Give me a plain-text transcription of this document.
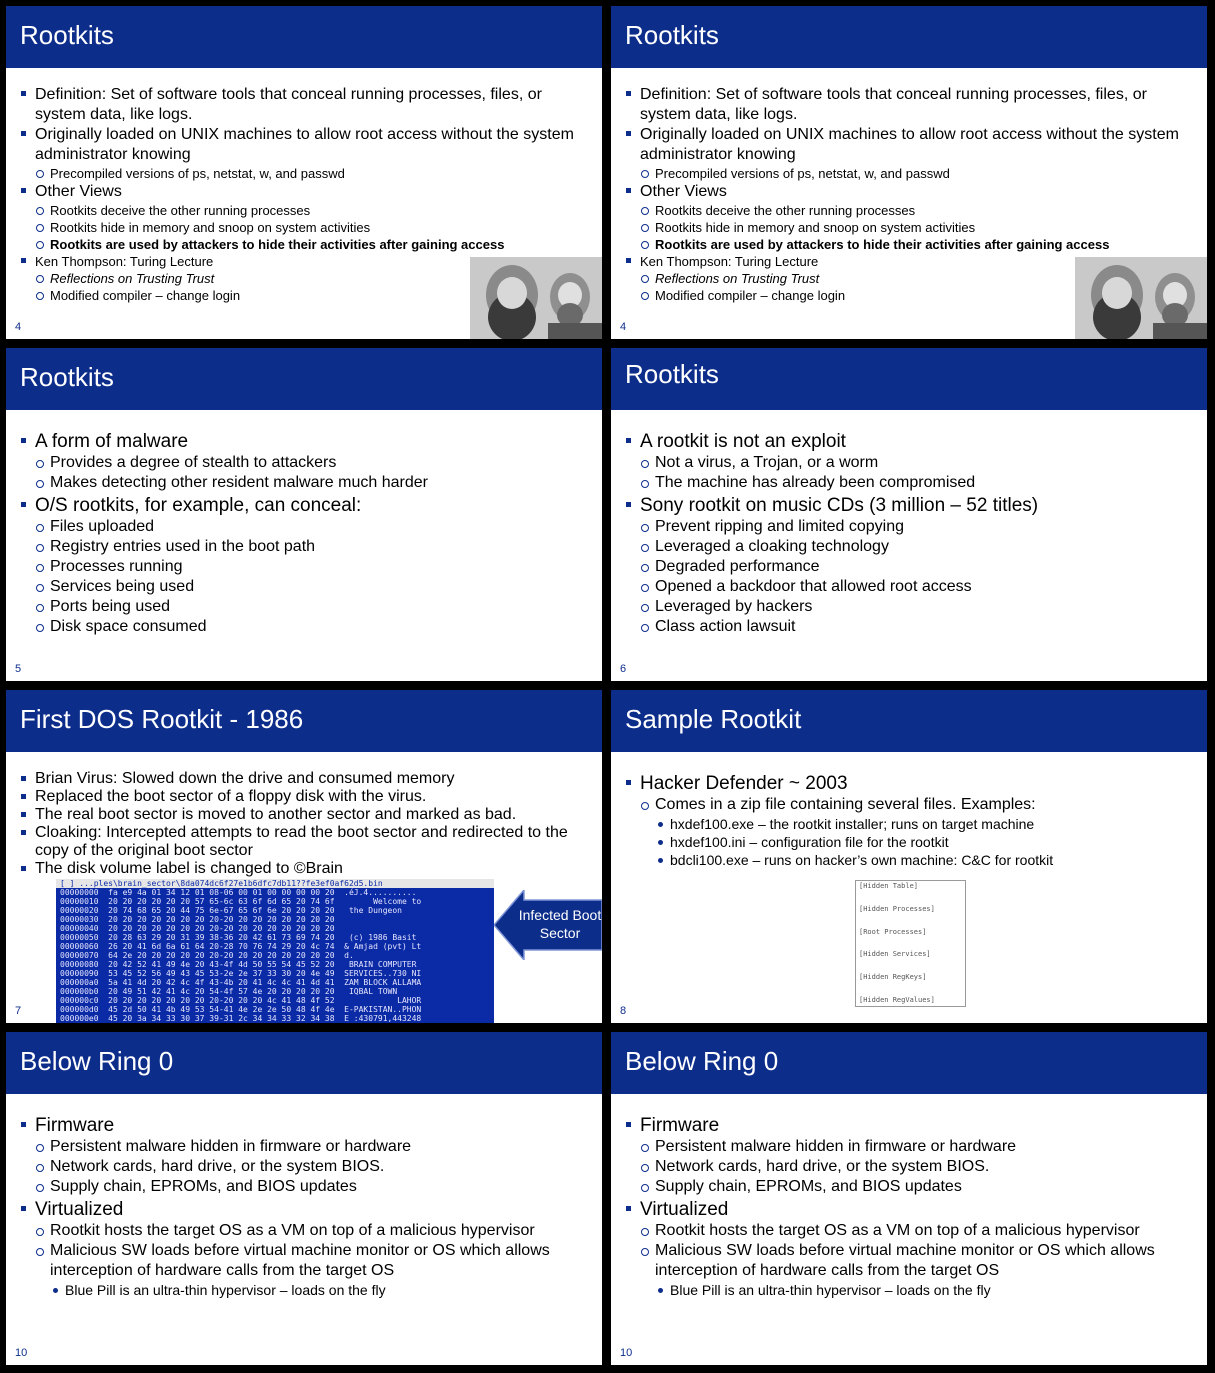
Rootkits
Definition: Set of software tools that conceal running processes, files, or system data, like logs.
Originally loaded on UNIX machines to allow root access without the system administrator knowing
Precompiled versions of ps, netstat, w, and passwd
Other Views
Rootkits deceive the other running processes
Rootkits hide in memory and snoop on system activities
Rootkits are used by attackers to hide their activities after gaining access
Ken Thompson: Turing Lecture
Reflections on Trusting Trust
Modified compiler – change login
4
Rootkits
Definition: Set of software tools that conceal running processes, files, or system data, like logs.
Originally loaded on UNIX machines to allow root access without the system administrator knowing
Precompiled versions of ps, netstat, w, and passwd
Other Views
Rootkits deceive the other running processes
Rootkits hide in memory and snoop on system activities
Rootkits are used by attackers to hide their activities after gaining access
Ken Thompson: Turing Lecture
Reflections on Trusting Trust
Modified compiler – change login
4
Rootkits
A form of malware
Provides a degree of stealth to attackers
Makes detecting other resident malware much harder
O/S rootkits, for example, can conceal:
Files uploaded
Registry entries used in the boot path
Processes running
Services being used
Ports being used
Disk space consumed
5
Rootkits
A rootkit is not an exploit
Not a virus, a Trojan, or a worm
The machine has already been compromised
Sony rootkit on music CDs (3 million – 52 titles)
Prevent ripping and limited copying
Leveraged a cloaking technology
Degraded performance
Opened a backdoor that allowed root access
Leveraged by hackers
Class action lawsuit
6
First DOS Rootkit - 1986
Brian Virus: Slowed down the drive and consumed memory
Replaced the boot sector of a floppy disk with the virus.
The real boot sector is moved to another sector and marked as bad.
Cloaking: Intercepted attempts to read the boot sector and redirected to the copy of the original boot sector
The disk volume label is changed to ©Brain
[ ] ...ples\brain_sector\8da074dc6f27e1b6dfc7db11??fe3ef0af62d5.bin
00000000  fa e9 4a 01 34 12 01 08-06 00 01 00 00 00 00 20  .éJ.4..........
00000010  20 20 20 20 20 20 57 65-6c 63 6f 6d 65 20 74 6f        Welcome to
00000020  20 74 68 65 20 44 75 6e-67 65 6f 6e 20 20 20 20   the Dungeon
00000030  20 20 20 20 20 20 20 20-20 20 20 20 20 20 20 20
00000040  20 20 20 20 20 20 20 20-20 20 20 20 20 20 20 20
00000050  20 28 63 29 20 31 39 38-36 20 42 61 73 69 74 20   (c) 1986 Basit
00000060  26 20 41 6d 6a 61 64 20-28 70 76 74 29 20 4c 74  & Amjad (pvt) Lt
00000070  64 2e 20 20 20 20 20 20-20 20 20 20 20 20 20 20  d.
00000080  20 42 52 41 49 4e 20 43-4f 4d 50 55 54 45 52 20   BRAIN COMPUTER
00000090  53 45 52 56 49 43 45 53-2e 2e 37 33 30 20 4e 49  SERVICES..730 NI
000000a0  5a 41 4d 20 42 4c 4f 43-4b 20 41 4c 4c 41 4d 41  ZAM BLOCK ALLAMA
000000b0  20 49 51 42 41 4c 20 54-4f 57 4e 20 20 20 20 20   IQBAL TOWN
000000c0  20 20 20 20 20 20 20 20-20 20 20 4c 41 48 4f 52             LAHOR
000000d0  45 2d 50 41 4b 49 53 54-41 4e 2e 2e 50 48 4f 4e  E-PAKISTAN..PHON
000000e0  45 20 3a 34 33 30 37 39-31 2c 34 34 33 32 34 38  E :430791,443248
Infected Boot Sector
7
Sample Rootkit
Hacker Defender ~ 2003
Comes in a zip file containing several files. Examples:
hxdef100.exe – the rootkit installer; runs on target machine
hxdef100.ini – configuration file for the rootkit
bdcli100.exe – runs on hacker’s own machine: C&C for rootkit
[Hidden Table]
[Hidden Processes]
[Root Processes]
[Hidden Services]
[Hidden RegKeys]
[Hidden RegValues]
8
Below Ring 0
Firmware
Persistent malware hidden in firmware or hardware
Network cards, hard drive, or the system BIOS.
Supply chain, EPROMs, and BIOS updates
Virtualized
Rootkit hosts the target OS as a VM on top of a malicious hypervisor
Malicious SW loads before virtual machine monitor or OS which allows interception of hardware calls from the target OS
Blue Pill is an ultra-thin hypervisor – loads on the fly
10
Below Ring 0
Firmware
Persistent malware hidden in firmware or hardware
Network cards, hard drive, or the system BIOS.
Supply chain, EPROMs, and BIOS updates
Virtualized
Rootkit hosts the target OS as a VM on top of a malicious hypervisor
Malicious SW loads before virtual machine monitor or OS which allows interception of hardware calls from the target OS
Blue Pill is an ultra-thin hypervisor – loads on the fly
10
